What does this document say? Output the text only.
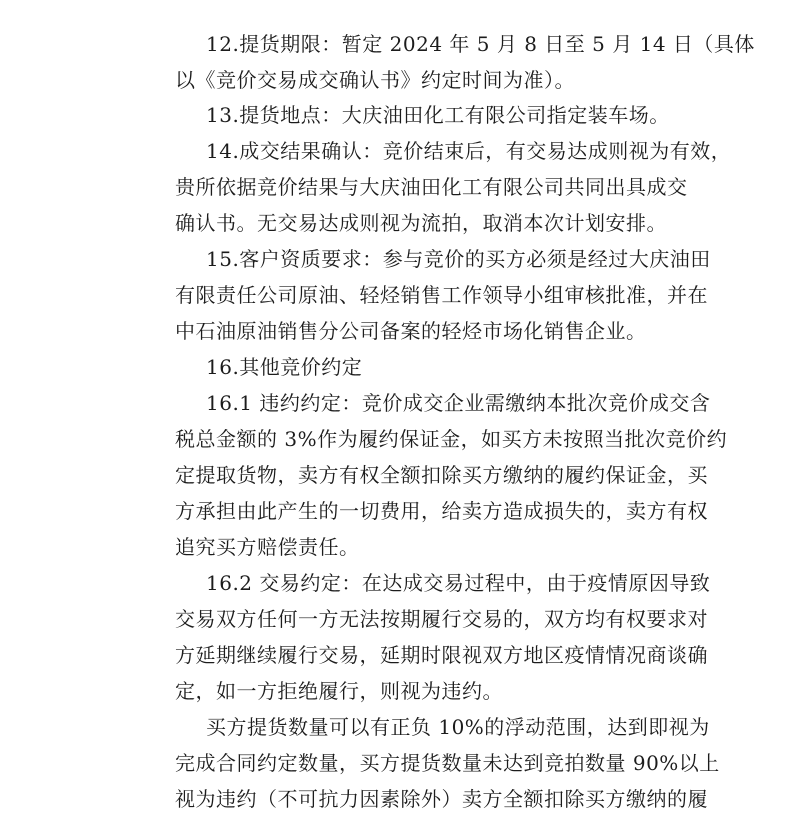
12.提货期限：暂定 2024 年 5 月 8 日至 5 月 14 日（具体
以《竞价交易成交确认书》约定时间为准）。
13.提货地点：大庆油田化工有限公司指定装车场。
14.成交结果确认：竞价结束后，有交易达成则视为有效，
贵所依据竞价结果与大庆油田化工有限公司共同出具成交
确认书。无交易达成则视为流拍，取消本次计划安排。
15.客户资质要求：参与竞价的买方必须是经过大庆油田
有限责任公司原油、轻烃销售工作领导小组审核批准，并在
中石油原油销售分公司备案的轻烃市场化销售企业。
16.其他竞价约定
16.1 违约约定：竞价成交企业需缴纳本批次竞价成交含
税总金额的 3%作为履约保证金，如买方未按照当批次竞价约
定提取货物，卖方有权全额扣除买方缴纳的履约保证金，买
方承担由此产生的一切费用，给卖方造成损失的，卖方有权
追究买方赔偿责任。
16.2 交易约定：在达成交易过程中，由于疫情原因导致
交易双方任何一方无法按期履行交易的，双方均有权要求对
方延期继续履行交易，延期时限视双方地区疫情情况商谈确
定，如一方拒绝履行，则视为违约。
买方提货数量可以有正负 10%的浮动范围，达到即视为
完成合同约定数量，买方提货数量未达到竞拍数量 90%以上
视为违约（不可抗力因素除外）卖方全额扣除买方缴纳的履
